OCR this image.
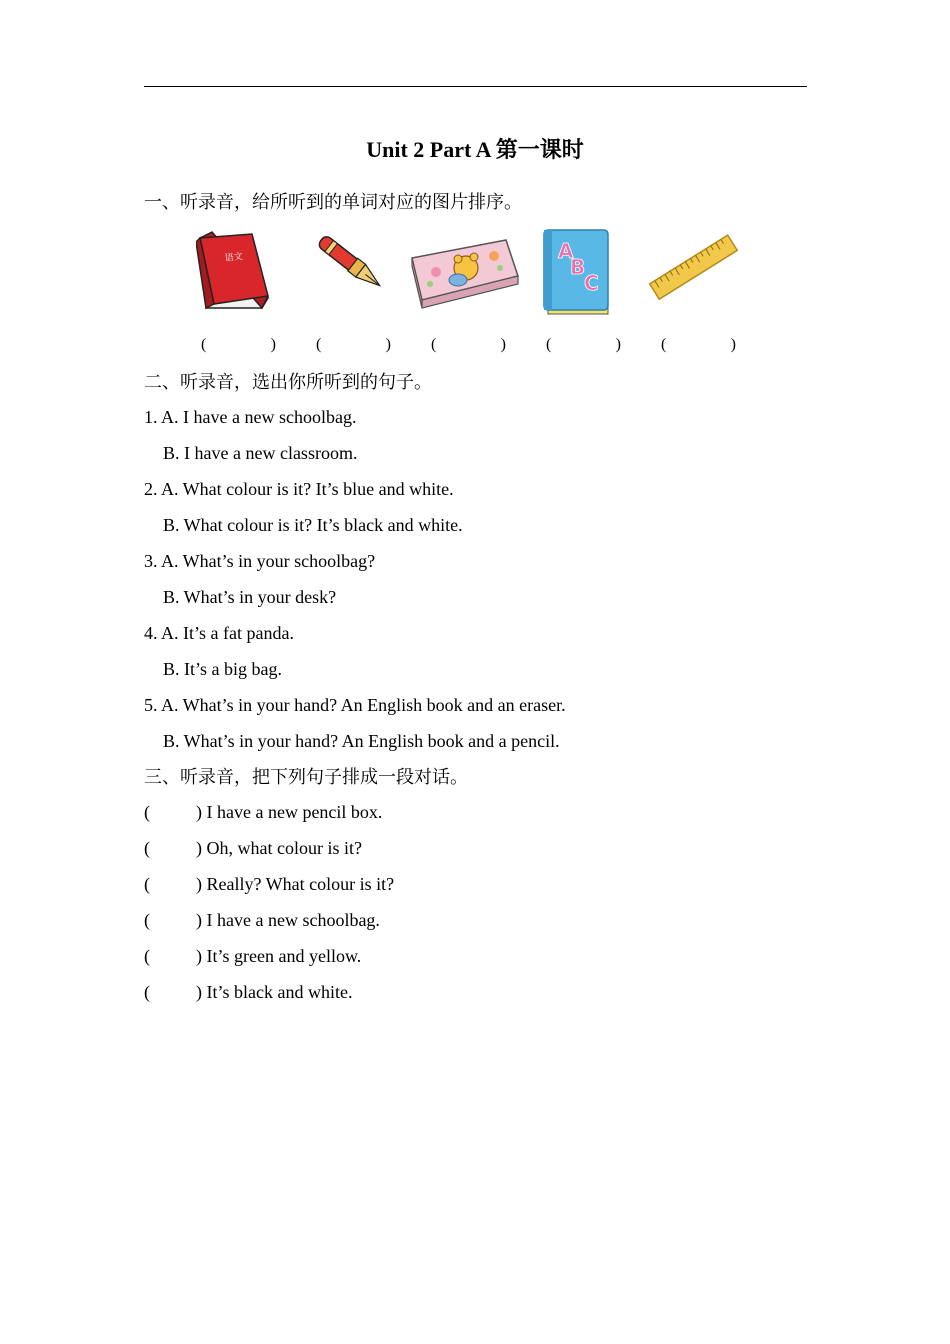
Unit 2 Part A 第一课时
一、听录音，给所听到的单词对应的图片排序。
语文	A
B
C
(	)	(	)	(	)	(	)	(	)
二、听录音，选出你所听到的句子。
1. A. I have a new schoolbag.
B. I have a new classroom.
2. A. What colour is it? It’s blue and white.
B. What colour is it? It’s black and white.
3. A. What’s in your schoolbag?
B. What’s in your desk?
4. A. It’s a fat panda.
B. It’s a big bag.
5. A. What’s in your hand? An English book and an eraser.
B. What’s in your hand? An English book and a pencil.
三、听录音，把下列句子排成一段对话。
(	) I have a new pencil box.
(	) Oh, what colour is it?
(	) Really? What colour is it?
(	) I have a new schoolbag.
(	) It’s green and yellow.
(	) It’s black and white.
